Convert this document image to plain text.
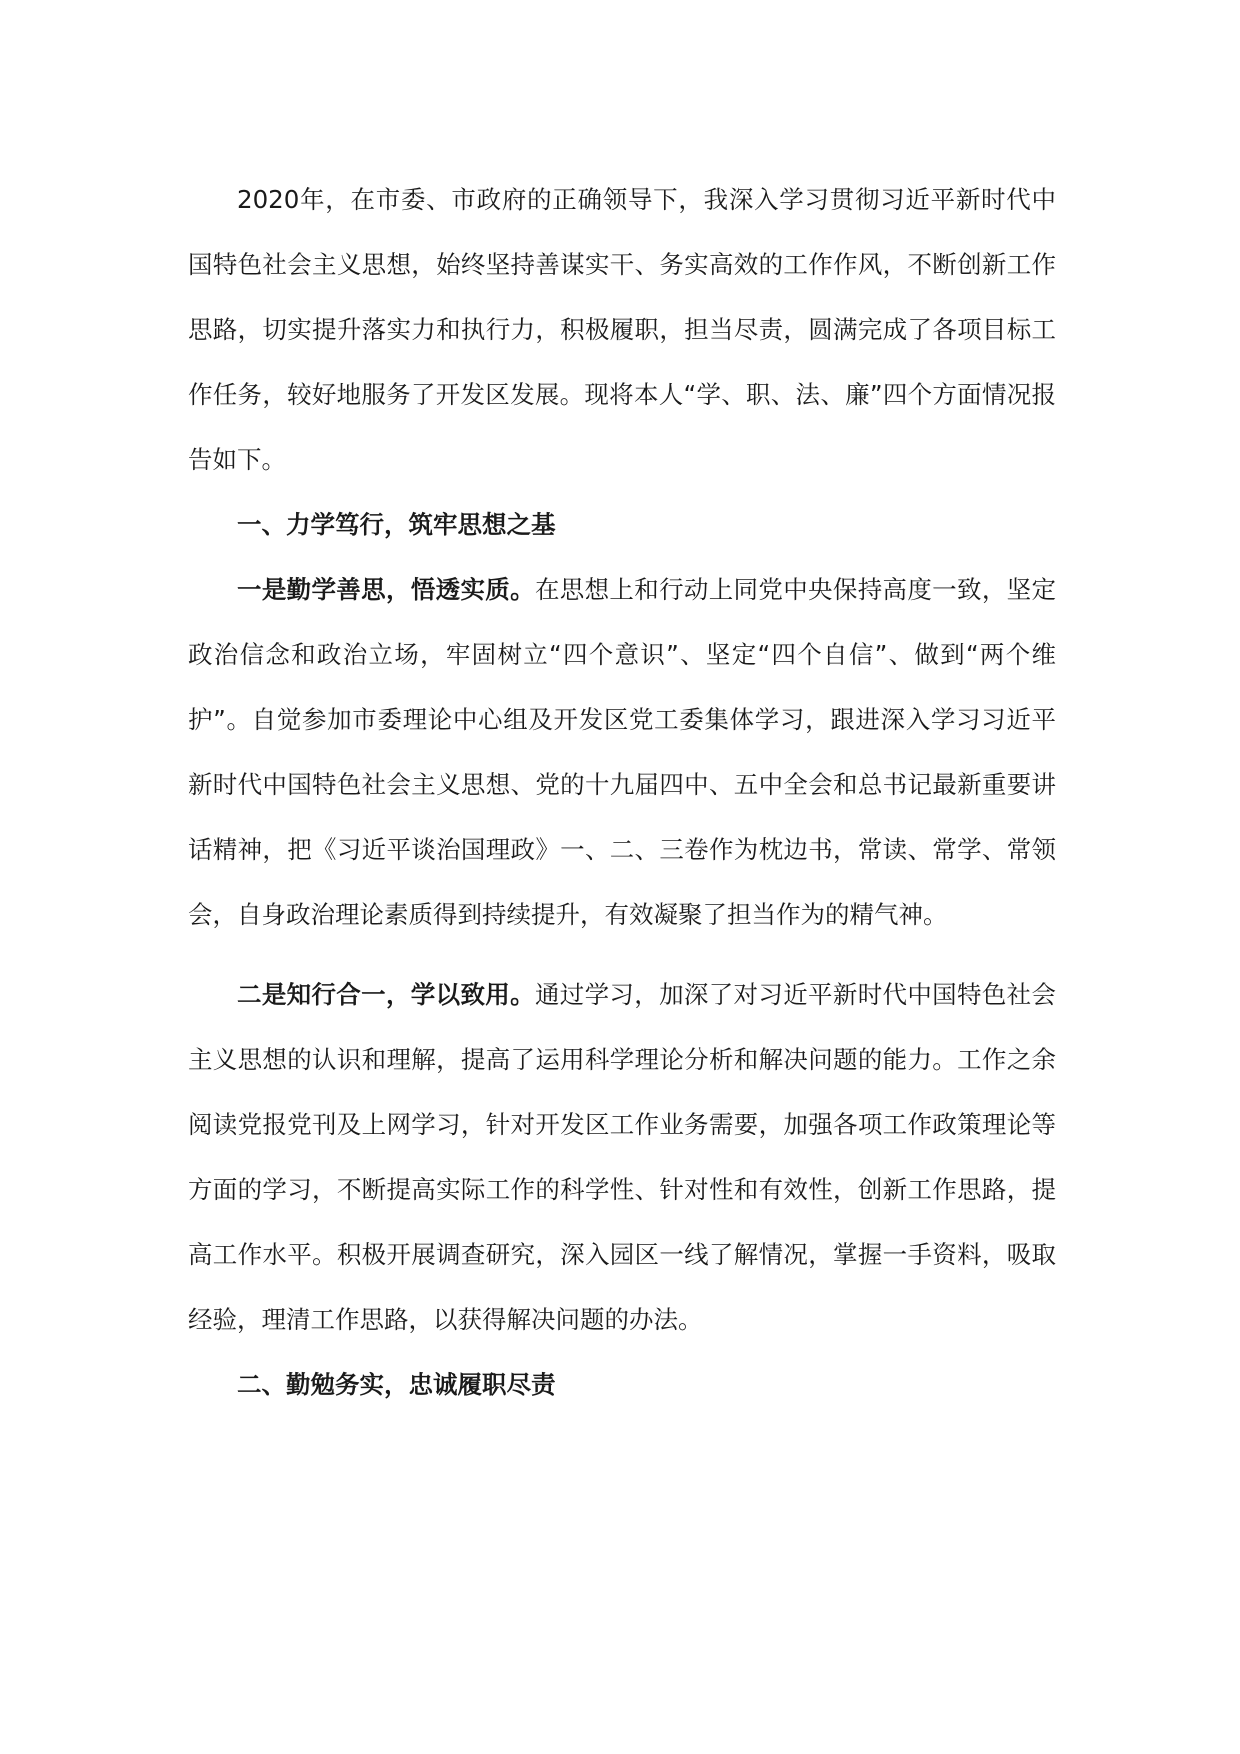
2020年，在市委、市政府的正确领导下，我深入学习贯彻习近平新时代中国特色社会主义思想，始终坚持善谋实干、务实高效的工作作风，不断创新工作思路，切实提升落实力和执行力，积极履职，担当尽责，圆满完成了各项目标工作任务，较好地服务了开发区发展。现将本人“学、职、法、廉”四个方面情况报告如下。

一、力学笃行，筑牢思想之基

一是勤学善思，悟透实质。在思想上和行动上同党中央保持高度一致，坚定政治信念和政治立场，牢固树立“四个意识”、坚定“四个自信”、做到“两个维护”。自觉参加市委理论中心组及开发区党工委集体学习，跟进深入学习习近平新时代中国特色社会主义思想、党的十九届四中、五中全会和总书记最新重要讲话精神，把《习近平谈治国理政》一、二、三卷作为枕边书，常读、常学、常领会，自身政治理论素质得到持续提升，有效凝聚了担当作为的精气神。

二是知行合一，学以致用。通过学习，加深了对习近平新时代中国特色社会主义思想的认识和理解，提高了运用科学理论分析和解决问题的能力。工作之余阅读党报党刊及上网学习，针对开发区工作业务需要，加强各项工作政策理论等方面的学习，不断提高实际工作的科学性、针对性和有效性，创新工作思路，提高工作水平。积极开展调查研究，深入园区一线了解情况，掌握一手资料，吸取经验，理清工作思路，以获得解决问题的办法。

二、勤勉务实，忠诚履职尽责
